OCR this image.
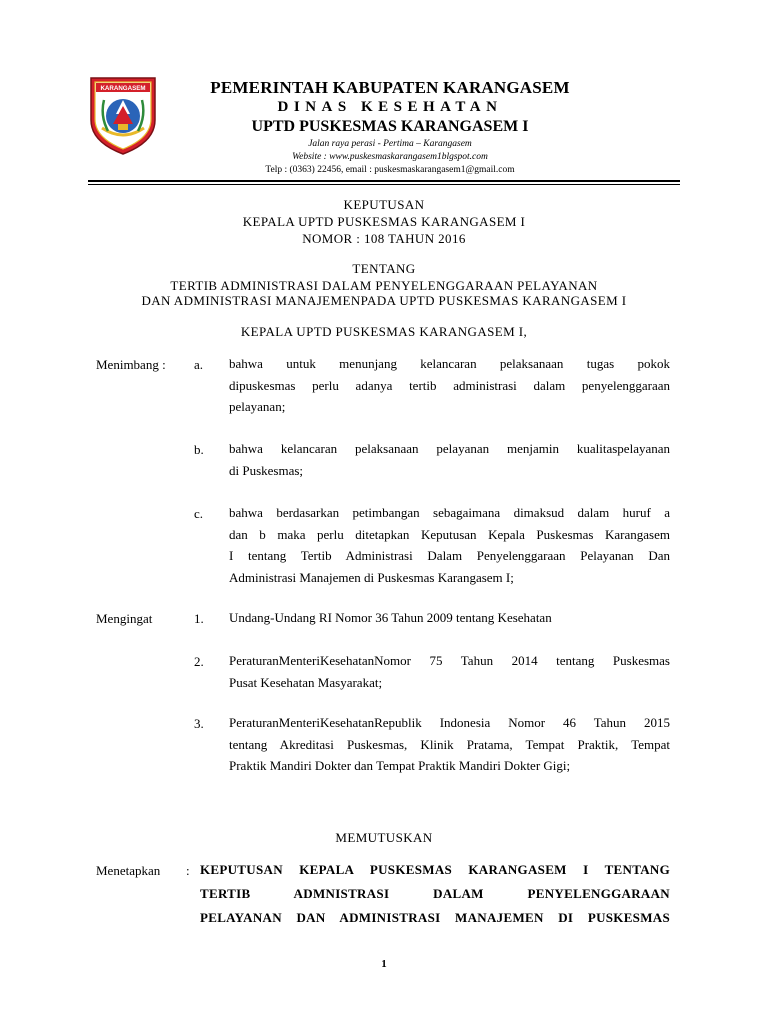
KARANGASEM	PEMERINTAH KABUPATEN KARANGASEM
DINAS KESEHATAN
UPTD PUSKESMAS KARANGASEM I
Jalan raya perasi - Pertima – Karangasem
Website : www.puskesmaskarangasem1blgspot.com
Telp : (0363) 22456, email : puskesmaskarangasem1@gmail.com
KEPUTUSAN
KEPALA UPTD PUSKESMAS KARANGASEM I
NOMOR : 108 TAHUN 2016
TENTANG
TERTIB ADMINISTRASI DALAM PENYELENGGARAAN PELAYANAN
DAN ADMINISTRASI MANAJEMENPADA UPTD PUSKESMAS KARANGASEM I
KEPALA UPTD PUSKESMAS KARANGASEM I,
Menimbang : a. bahwa untuk menunjang kelancaran pelaksanaan tugas pokok
dipuskesmas perlu adanya tertib administrasi dalam penyelenggaraan
pelayanan;
b. bahwa kelancaran pelaksanaan pelayanan menjamin kualitaspelayanan
di Puskesmas;
c. bahwa berdasarkan petimbangan sebagaimana dimaksud dalam huruf a
dan b maka perlu ditetapkan Keputusan Kepala Puskesmas Karangasem
I tentang Tertib Administrasi Dalam Penyelenggaraan Pelayanan Dan
Administrasi Manajemen di Puskesmas Karangasem I;
Mengingat	1. Undang-Undang RI Nomor 36 Tahun 2009 tentang Kesehatan
2. PeraturanMenteriKesehatanNomor 75 Tahun 2014 tentang Puskesmas
Pusat Kesehatan Masyarakat;
3. PeraturanMenteriKesehatanRepublik Indonesia Nomor 46 Tahun 2015
tentang Akreditasi Puskesmas, Klinik Pratama, Tempat Praktik, Tempat
Praktik Mandiri Dokter dan Tempat Praktik Mandiri Dokter Gigi;
MEMUTUSKAN
Menetapkan : KEPUTUSAN KEPALA PUSKESMAS KARANGASEM I TENTANG
TERTIB ADMNISTRASI DALAM PENYELENGGARAAN
PELAYANAN DAN ADMINISTRASI MANAJEMEN DI PUSKESMAS
1
